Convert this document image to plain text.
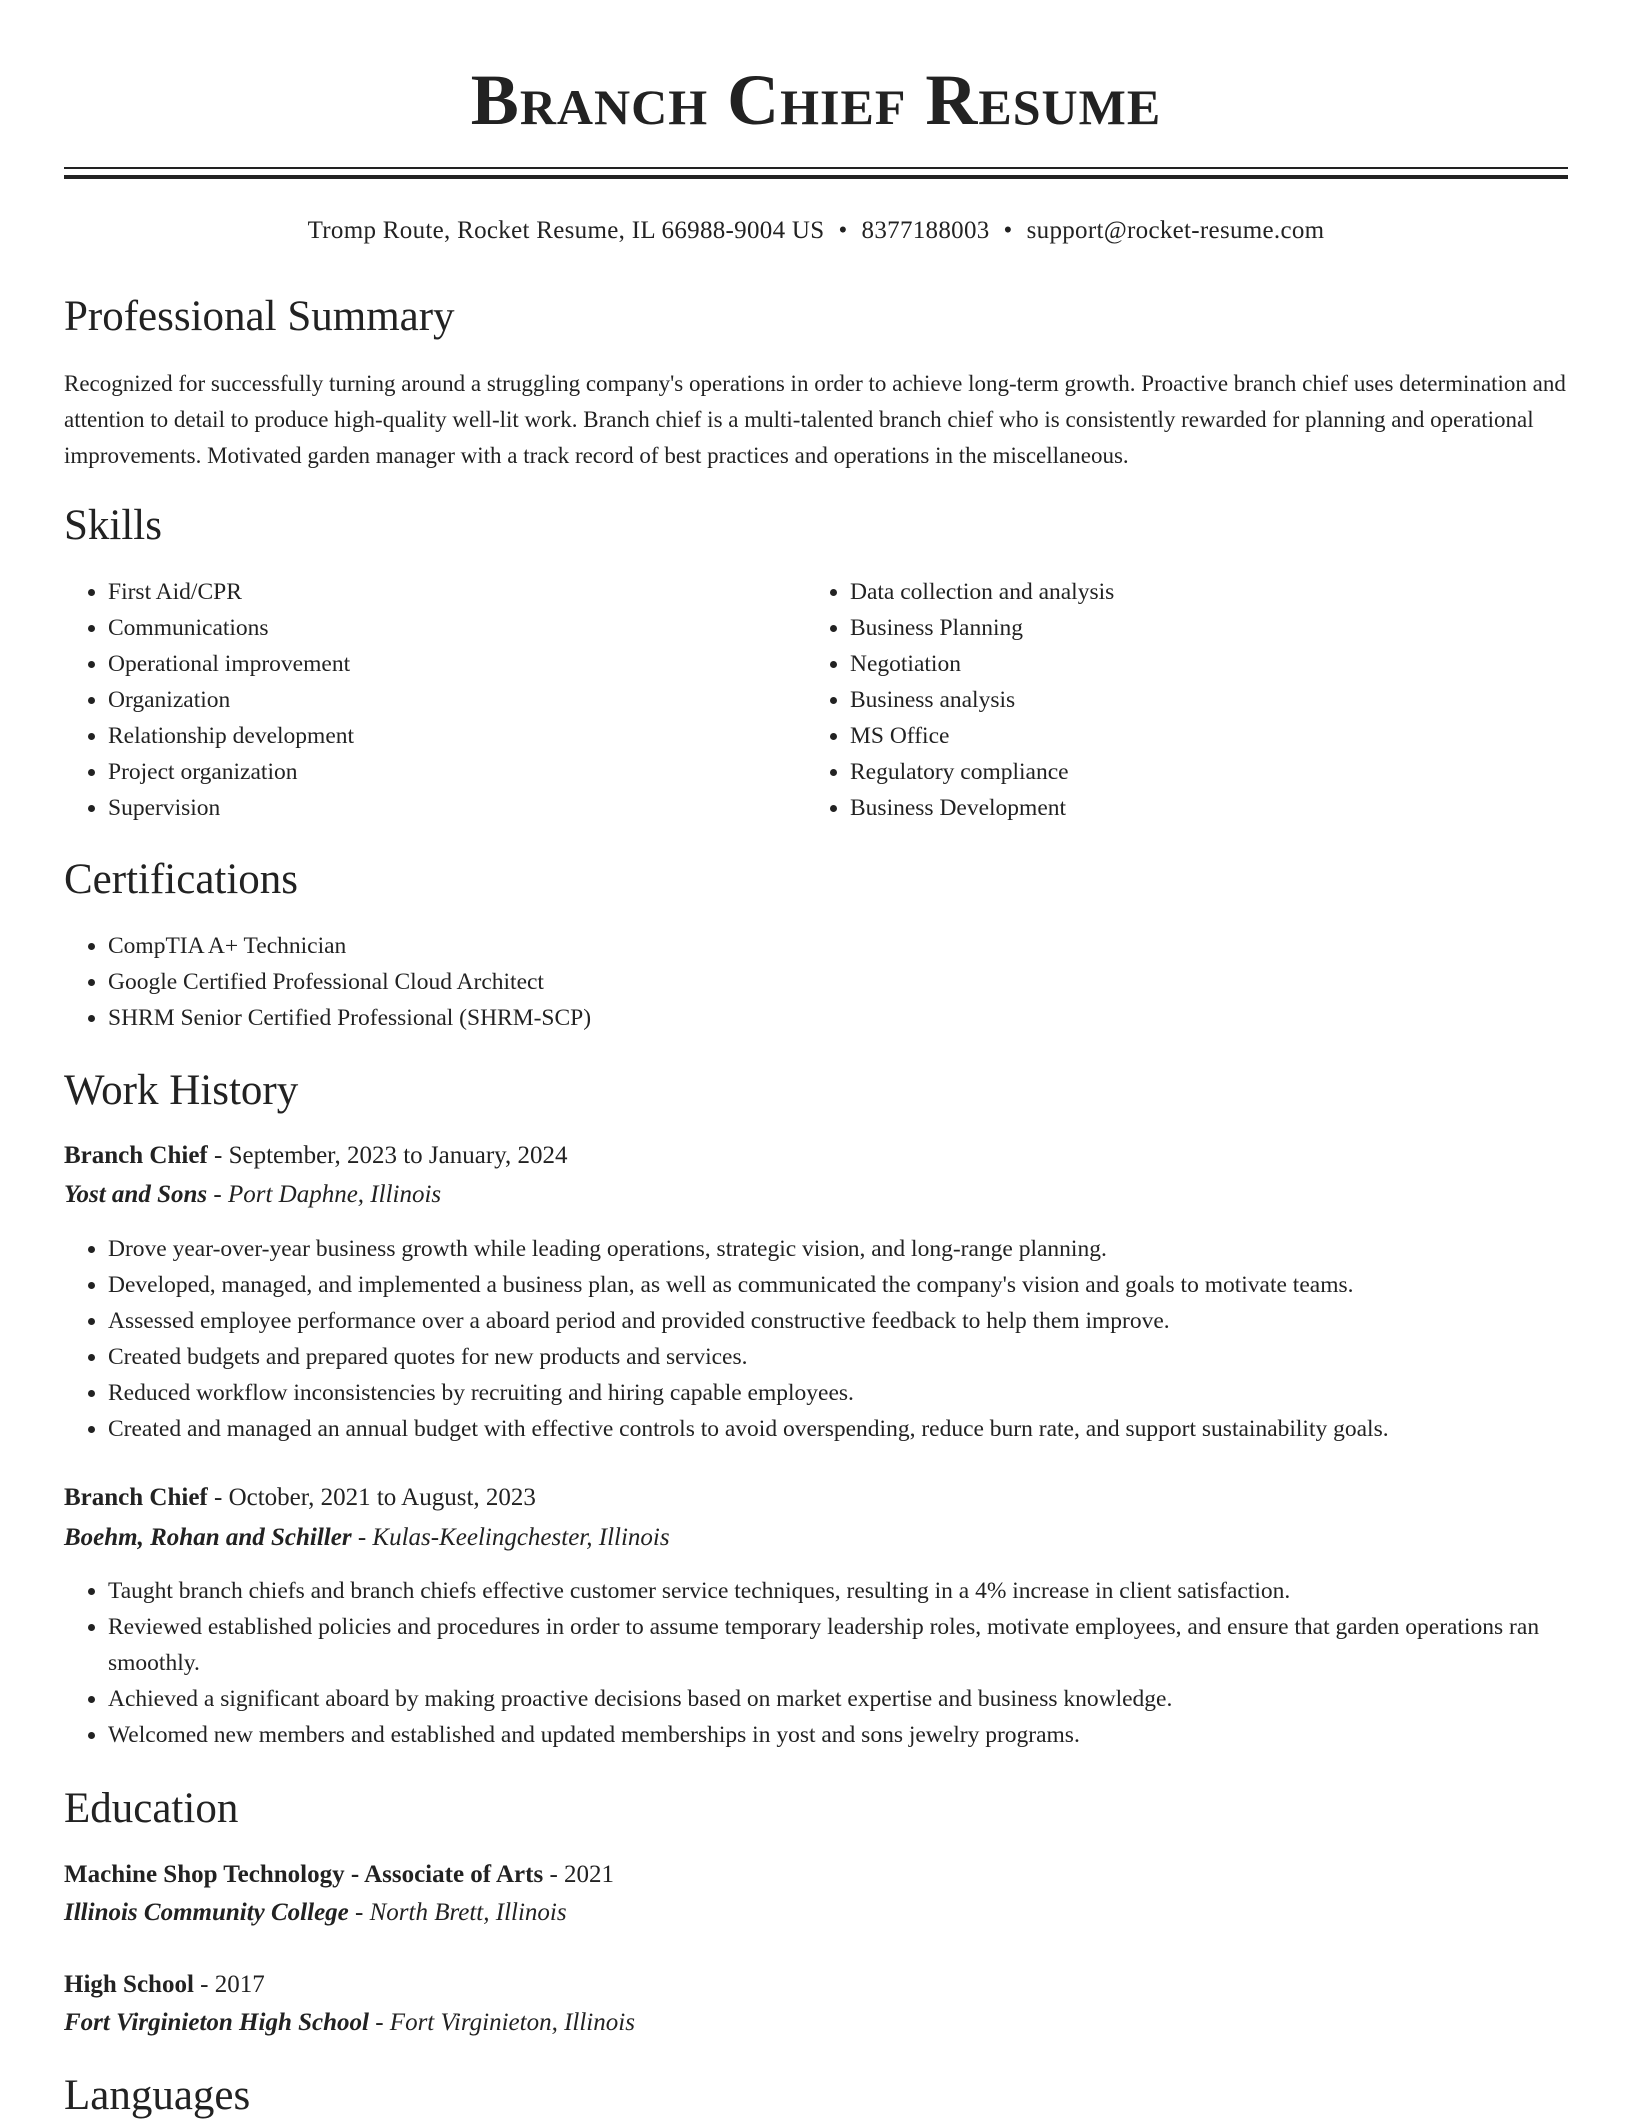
Branch Chief Resume
Tromp Route, Rocket Resume, IL 66988-9004 US • 8377188003 • support@rocket-resume.com
Professional Summary

Recognized for successfully turning around a struggling company's operations in order to achieve long-term growth. Proactive branch chief uses determination and attention to detail to produce high-quality well-lit work. Branch chief is a multi-talented branch chief who is consistently rewarded for planning and operational improvements. Motivated garden manager with a track record of best practices and operations in the miscellaneous.

Skills
• First Aid/CPR
• Communications
• Operational improvement
• Organization
• Relationship development
• Project organization
• Supervision
• Data collection and analysis
• Business Planning
• Negotiation
• Business analysis
• MS Office
• Regulatory compliance
• Business Development
Certifications
• CompTIA A+ Technician
• Google Certified Professional Cloud Architect
• SHRM Senior Certified Professional (SHRM-SCP)
Work History

Branch Chief - September, 2023 to January, 2024

Yost and Sons - Port Daphne, Illinois

• Drove year-over-year business growth while leading operations, strategic vision, and long-range planning.
• Developed, managed, and implemented a business plan, as well as communicated the company's vision and goals to motivate teams.
• Assessed employee performance over a aboard period and provided constructive feedback to help them improve.
• Created budgets and prepared quotes for new products and services.
• Reduced workflow inconsistencies by recruiting and hiring capable employees.
• Created and managed an annual budget with effective controls to avoid overspending, reduce burn rate, and support sustainability goals.

Branch Chief - October, 2021 to August, 2023

Boehm, Rohan and Schiller - Kulas-Keelingchester, Illinois

• Taught branch chiefs and branch chiefs effective customer service techniques, resulting in a 4% increase in client satisfaction.
• Reviewed established policies and procedures in order to assume temporary leadership roles, motivate employees, and ensure that garden operations ran smoothly.
• Achieved a significant aboard by making proactive decisions based on market expertise and business knowledge.
• Welcomed new members and established and updated memberships in yost and sons jewelry programs.
Education

Machine Shop Technology - Associate of Arts - 2021

Illinois Community College - North Brett, Illinois

High School - 2017

Fort Virginieton High School - Fort Virginieton, Illinois

Languages
